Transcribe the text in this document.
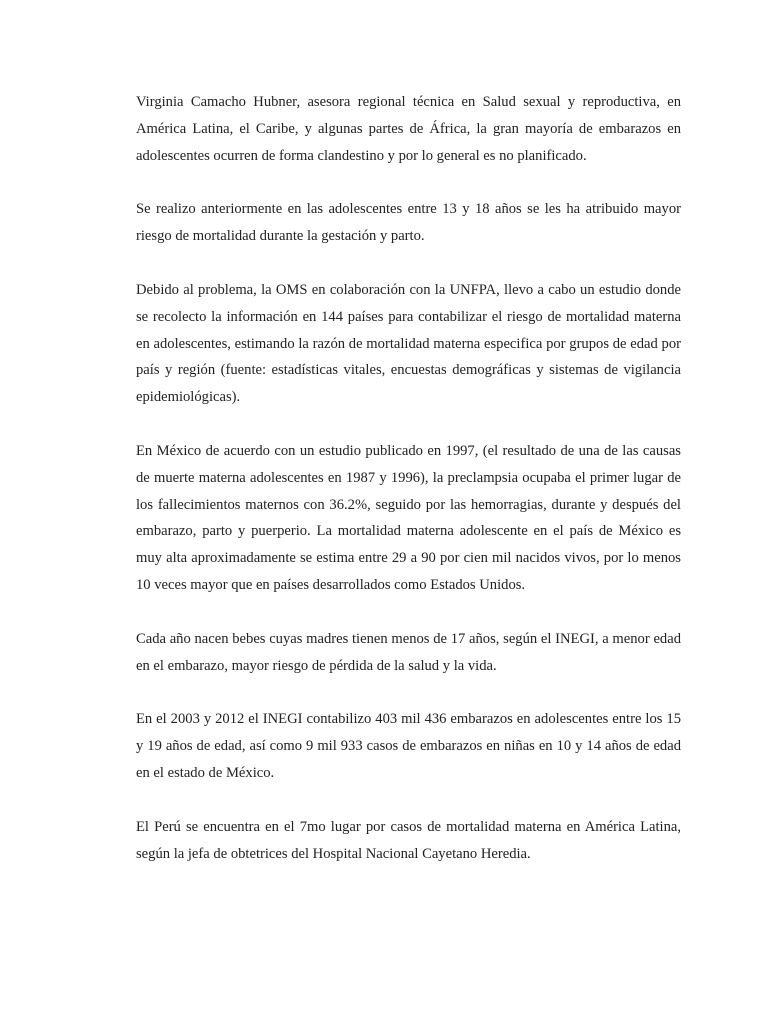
Virginia Camacho Hubner, asesora regional técnica en Salud sexual y reproductiva, en América Latina, el Caribe, y algunas partes de África, la gran mayoría de embarazos en adolescentes ocurren de forma clandestino y por lo general es no planificado.

Se realizo anteriormente en las adolescentes entre 13 y 18 años se les ha atribuido mayor riesgo de mortalidad durante la gestación y parto.

Debido al problema, la OMS en colaboración con la UNFPA, llevo a cabo un estudio donde se recolecto la información en 144 países para contabilizar el riesgo de mortalidad materna en adolescentes, estimando la razón de mortalidad materna especifica por grupos de edad por país y región (fuente: estadísticas vitales, encuestas demográficas y sistemas de vigilancia epidemiológicas).

En México de acuerdo con un estudio publicado en 1997, (el resultado de una de las causas de muerte materna adolescentes en 1987 y 1996), la preclampsia ocupaba el primer lugar de los fallecimientos maternos con 36.2%, seguido por las hemorragias, durante y después del embarazo, parto y puerperio. La mortalidad materna adolescente en el país de México es muy alta aproximadamente se estima entre 29 a 90 por cien mil nacidos vivos, por lo menos 10 veces mayor que en países desarrollados como Estados Unidos.

Cada año nacen bebes cuyas madres tienen menos de 17 años, según el INEGI, a menor edad en el embarazo, mayor riesgo de pérdida de la salud y la vida.

En el 2003 y 2012 el INEGI contabilizo 403 mil 436 embarazos en adolescentes entre los 15 y 19 años de edad, así como 9 mil 933 casos de embarazos en niñas en 10 y 14 años de edad en el estado de México.

El Perú se encuentra en el 7mo lugar por casos de mortalidad materna en América Latina, según la jefa de obtetrices del Hospital Nacional Cayetano Heredia.
